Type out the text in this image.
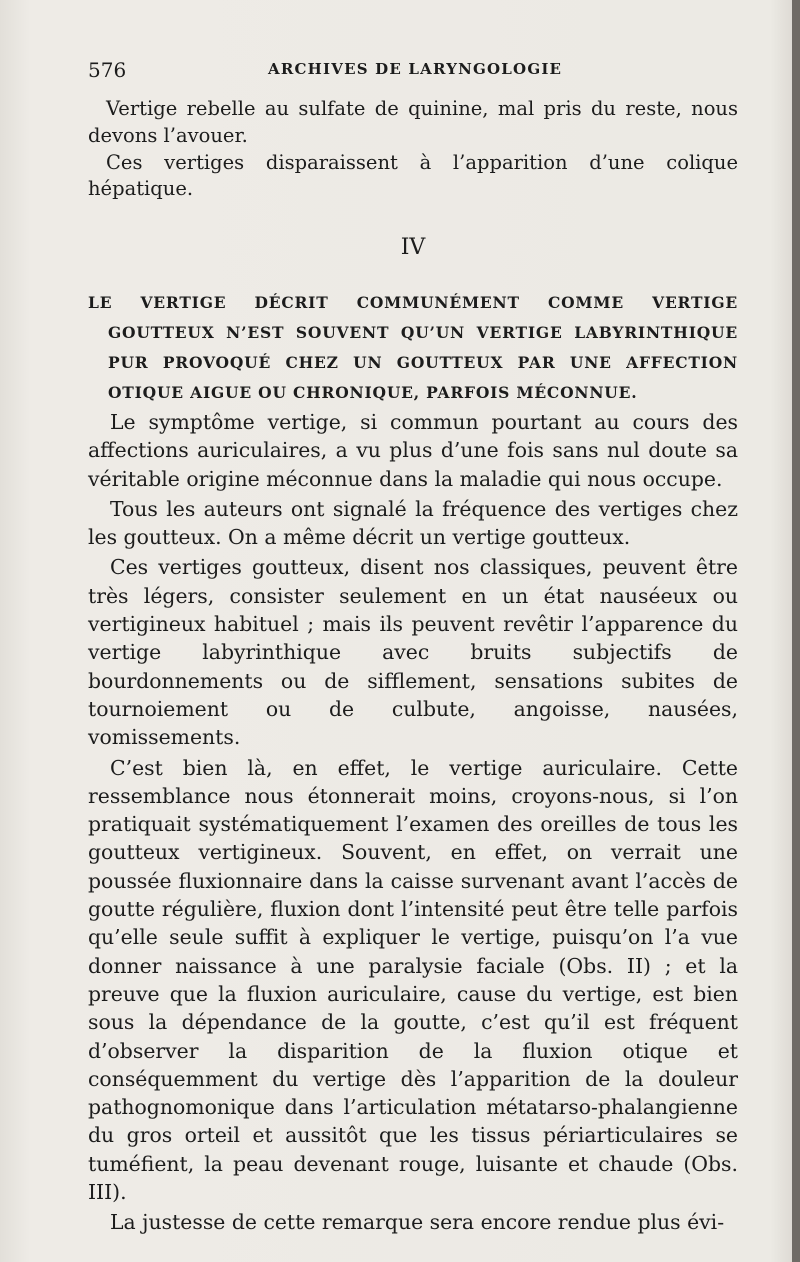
576	ARCHIVES DE LARYNGOLOGIE

Vertige rebelle au sulfate de quinine, mal pris du reste, nous devons l’avouer.

Ces vertiges disparaissent à l’apparition d’une colique hépatique.

IV

LE VERTIGE DÉCRIT COMMUNÉMENT COMME VERTIGE GOUTTEUX N’EST SOUVENT QU’UN VERTIGE LABYRINTHIQUE PUR PROVOQUÉ CHEZ UN GOUTTEUX PAR UNE AFFECTION OTIQUE AIGUE OU CHRONIQUE, PARFOIS MÉCONNUE.

Le symptôme vertige, si commun pourtant au cours des affections auriculaires, a vu plus d’une fois sans nul doute sa véritable origine méconnue dans la maladie qui nous occupe.

Tous les auteurs ont signalé la fréquence des vertiges chez les goutteux. On a même décrit un vertige goutteux.

Ces vertiges goutteux, disent nos classiques, peuvent être très légers, consister seulement en un état nauséeux ou vertigineux habituel ; mais ils peuvent revêtir l’apparence du vertige labyrinthique avec bruits subjectifs de bourdonnements ou de sifflement, sensations subites de tournoiement ou de culbute, angoisse, nausées, vomissements.

C’est bien là, en effet, le vertige auriculaire. Cette ressemblance nous étonnerait moins, croyons-nous, si l’on pratiquait systématiquement l’examen des oreilles de tous les goutteux vertigineux. Souvent, en effet, on verrait une poussée fluxionnaire dans la caisse survenant avant l’accès de goutte régulière, fluxion dont l’intensité peut être telle parfois qu’elle seule suffit à expliquer le vertige, puisqu’on l’a vue donner naissance à une paralysie faciale (Obs. II) ; et la preuve que la fluxion auriculaire, cause du vertige, est bien sous la dépendance de la goutte, c’est qu’il est fréquent d’observer la disparition de la fluxion otique et conséquemment du vertige dès l’apparition de la douleur pathognomonique dans l’articulation métatarso-phalangienne du gros orteil et aussitôt que les tissus périarticulaires se tuméfient, la peau devenant rouge, luisante et chaude (Obs. III).

La justesse de cette remarque sera encore rendue plus évi-
